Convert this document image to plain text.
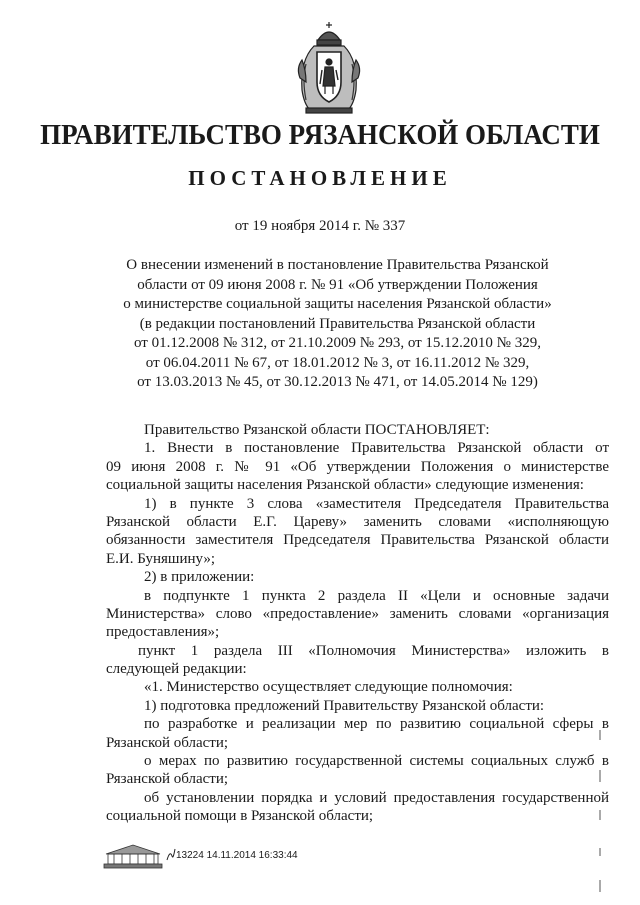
ПРАВИТЕЛЬСТВО РЯЗАНСКОЙ ОБЛАСТИ
ПОСТАНОВЛЕНИЕ
от 19 ноября 2014 г. № 337
О внесении изменений в постановление Правительства Рязанской
области от 09 июня 2008 г. № 91 «Об утверждении Положения
о министерстве социальной защиты населения Рязанской области»
(в редакции постановлений Правительства Рязанской области
от 01.12.2008 № 312, от 21.10.2009 № 293, от 15.12.2010 № 329,
от 06.04.2011 № 67, от 18.01.2012 № 3, от 16.11.2012 № 329,
от 13.03.2013 № 45, от 30.12.2013 № 471, от 14.05.2014 № 129)
Правительство Рязанской области ПОСТАНОВЛЯЕТ:
1. Внести в постановление Правительства Рязанской области от
09 июня 2008 г. № 91 «Об утверждении Положения о министерстве
социальной защиты населения Рязанской области» следующие изменения:
1) в пункте 3 слова «заместителя Председателя Правительства
Рязанской области Е.Г. Цареву» заменить словами «исполняющую
обязанности заместителя Председателя Правительства Рязанской области
Е.И. Буняшину»;
2) в приложении:
в подпункте 1 пункта 2 раздела II «Цели и основные задачи
Министерства» слово «предоставление» заменить словами «организация
предоставления»;
пункт 1 раздела III «Полномочия Министерства» изложить в
следующей редакции:
«1. Министерство осуществляет следующие полномочия:
1) подготовка предложений Правительству Рязанской области:
по разработке и реализации мер по развитию социальной сферы в
Рязанской области;
о мерах по развитию государственной системы социальных служб в
Рязанской области;
об установлении порядка и условий предоставления государственной
социальной помощи в Рязанской области;
13224 14.11.2014 16:33:44
